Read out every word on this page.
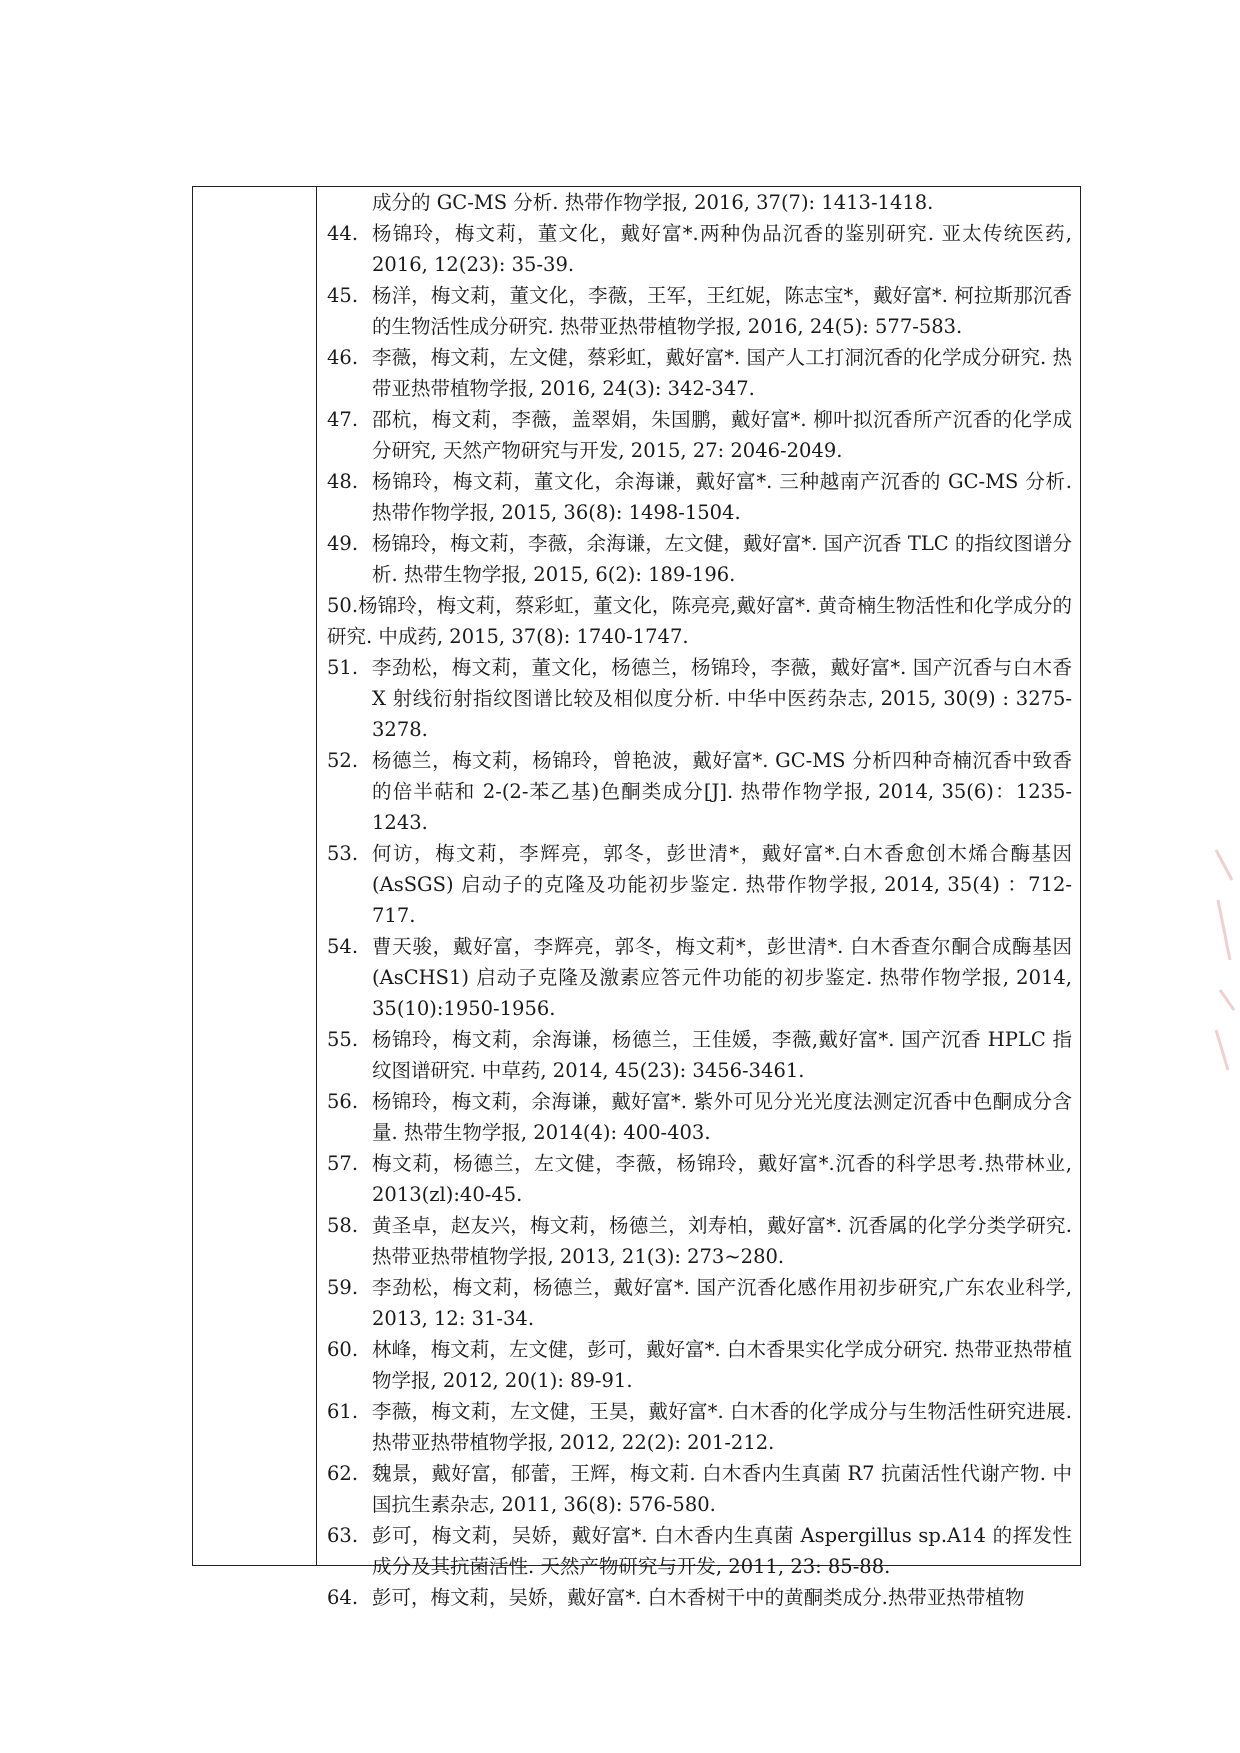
成分的 GC-MS 分析. 热带作物学报, 2016, 37(7): 1413-1418.
44. 杨锦玲，梅文莉，董文化，戴好富*.两种伪品沉香的鉴别研究. 亚太传统医药, 2016, 12(23): 35-39.
45. 杨洋，梅文莉，董文化，李薇，王军，王红妮，陈志宝*，戴好富*. 柯拉斯那沉香的生物活性成分研究. 热带亚热带植物学报, 2016, 24(5): 577-583.
46. 李薇，梅文莉，左文健，蔡彩虹，戴好富*. 国产人工打洞沉香的化学成分研究. 热带亚热带植物学报, 2016, 24(3): 342-347.
47. 邵杭，梅文莉，李薇，盖翠娟，朱国鹏，戴好富*. 柳叶拟沉香所产沉香的化学成分研究, 天然产物研究与开发, 2015, 27: 2046-2049.
48. 杨锦玲，梅文莉，董文化，余海谦，戴好富*. 三种越南产沉香的 GC-MS 分析. 热带作物学报, 2015, 36(8): 1498-1504.
49. 杨锦玲，梅文莉，李薇，余海谦，左文健，戴好富*. 国产沉香 TLC 的指纹图谱分析. 热带生物学报, 2015, 6(2): 189-196.
50.杨锦玲，梅文莉，蔡彩虹，董文化，陈亮亮,戴好富*. 黄奇楠生物活性和化学成分的研究. 中成药, 2015, 37(8): 1740-1747.
51. 李劲松，梅文莉，董文化，杨德兰，杨锦玲，李薇，戴好富*. 国产沉香与白木香 X 射线衍射指纹图谱比较及相似度分析. 中华中医药杂志, 2015, 30(9) : 3275-3278.
52. 杨德兰，梅文莉，杨锦玲，曾艳波，戴好富*. GC-MS 分析四种奇楠沉香中致香的倍半萜和 2-(2-苯乙基)色酮类成分[J]. 热带作物学报, 2014, 35(6)：1235-1243.
53. 何访，梅文莉，李辉亮，郭冬，彭世清*，戴好富*.白木香愈创木烯合酶基因(AsSGS) 启动子的克隆及功能初步鉴定. 热带作物学报, 2014, 35(4) ：712-717.
54. 曹天骏，戴好富，李辉亮，郭冬，梅文莉*，彭世清*. 白木香查尔酮合成酶基因(AsCHS1) 启动子克隆及激素应答元件功能的初步鉴定. 热带作物学报, 2014, 35(10):1950-1956.
55. 杨锦玲，梅文莉，余海谦，杨德兰，王佳媛，李薇,戴好富*. 国产沉香 HPLC 指纹图谱研究. 中草药, 2014, 45(23): 3456-3461.
56. 杨锦玲，梅文莉，余海谦，戴好富*. 紫外可见分光光度法测定沉香中色酮成分含量. 热带生物学报, 2014(4): 400-403.
57. 梅文莉，杨德兰，左文健，李薇，杨锦玲，戴好富*.沉香的科学思考.热带林业, 2013(zl):40-45.
58. 黄圣卓，赵友兴，梅文莉，杨德兰，刘寿柏，戴好富*. 沉香属的化学分类学研究. 热带亚热带植物学报, 2013, 21(3): 273~280.
59. 李劲松，梅文莉，杨德兰，戴好富*. 国产沉香化感作用初步研究,广东农业科学, 2013, 12: 31-34.
60. 林峰，梅文莉，左文健，彭可，戴好富*. 白木香果实化学成分研究. 热带亚热带植物学报, 2012, 20(1): 89-91.
61. 李薇，梅文莉，左文健，王昊，戴好富*. 白木香的化学成分与生物活性研究进展. 热带亚热带植物学报, 2012, 22(2): 201-212.
62. 魏景，戴好富，郁蕾，王辉，梅文莉. 白木香内生真菌 R7 抗菌活性代谢产物. 中国抗生素杂志, 2011, 36(8): 576-580.
63. 彭可，梅文莉，吴娇，戴好富*. 白木香内生真菌 Aspergillus sp.A14 的挥发性成分及其抗菌活性. 天然产物研究与开发, 2011, 23: 85-88.
64. 彭可，梅文莉，吴娇，戴好富*. 白木香树干中的黄酮类成分.热带亚热带植物
